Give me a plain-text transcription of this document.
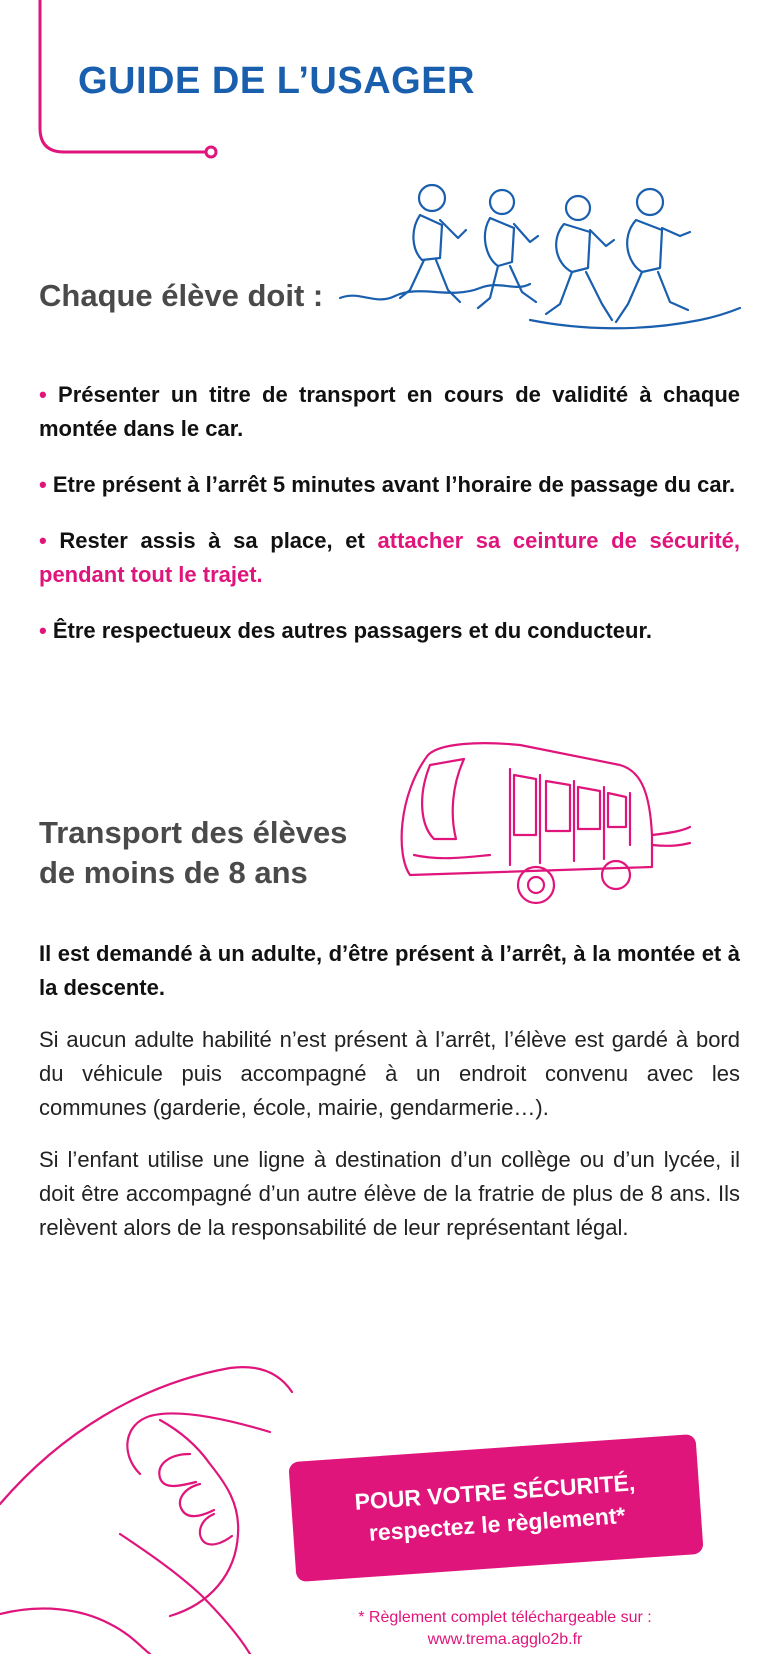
GUIDE DE L’USAGER
Chaque élève doit :
• Présenter un titre de transport en cours de validité à chaque montée dans le car.
• Etre présent à l’arrêt 5 minutes avant l’horaire de passage du car.
• Rester assis à sa place, et attacher sa ceinture de sécurité, pendant tout le trajet.
• Être respectueux des autres passagers et du conducteur.
Transport des élèves
de moins de 8 ans

Il est demandé à un adulte, d’être présent à l’arrêt, à la montée et à la descente.

Si aucun adulte habilité n’est présent à l’arrêt, l’élève est gardé à bord du véhicule puis accompagné à un endroit convenu avec les communes (garderie, école, mairie, gendarmerie…).

Si l’enfant utilise une ligne à destination d’un collège ou d’un lycée, il doit être accompagné d’un autre élève de la fratrie de plus de 8 ans. Ils relèvent alors de la responsabilité de leur représentant légal.

POUR VOTRE SÉCURITÉ,
respectez le règlement*
* Règlement complet téléchargeable sur :
www.trema.agglo2b.fr
